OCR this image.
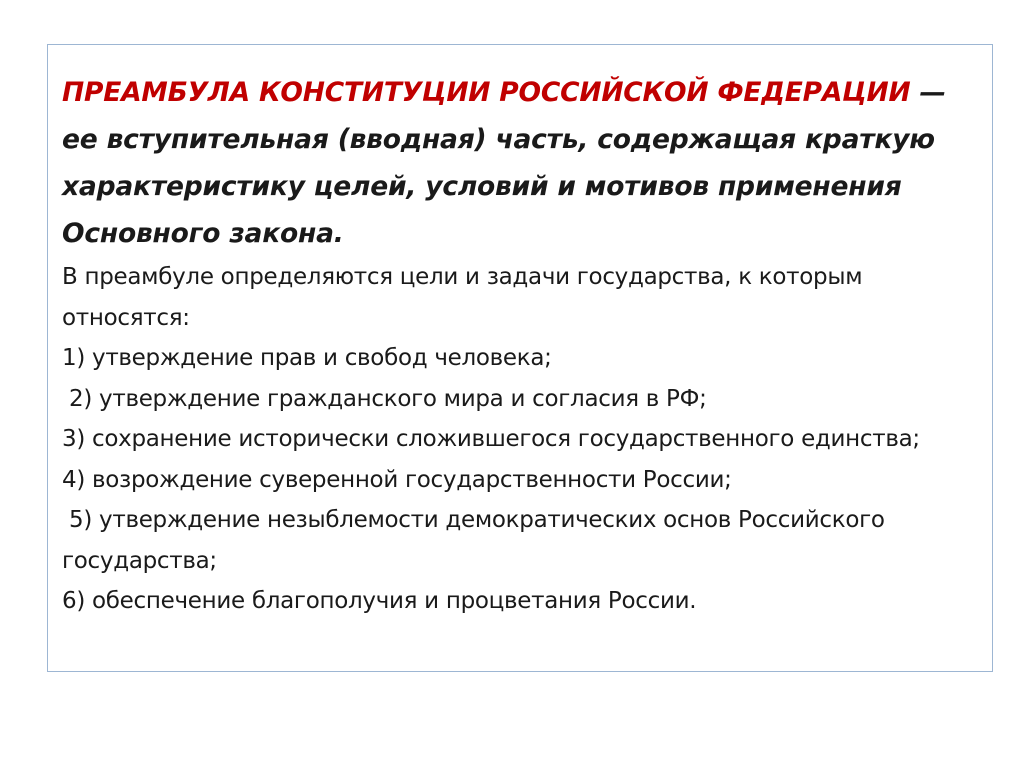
ПРЕАМБУЛА КОНСТИТУЦИИ РОССИЙСКОЙ ФЕДЕРАЦИИ — ее вступительная (вводная) часть, содержащая краткую характеристику целей, условий и мотивов применения Основного закона.

В преамбуле определяются цели и задачи государства, к которым относятся:
1) утверждение прав и свобод человека;
2) утверждение гражданского мира и согласия в РФ;
3) сохранение исторически сложившегося государственного единства;
4) возрождение суверенной государственности России;
5) утверждение незыблемости демократических основ Российского государства;
6) обеспечение благополучия и процветания России.
